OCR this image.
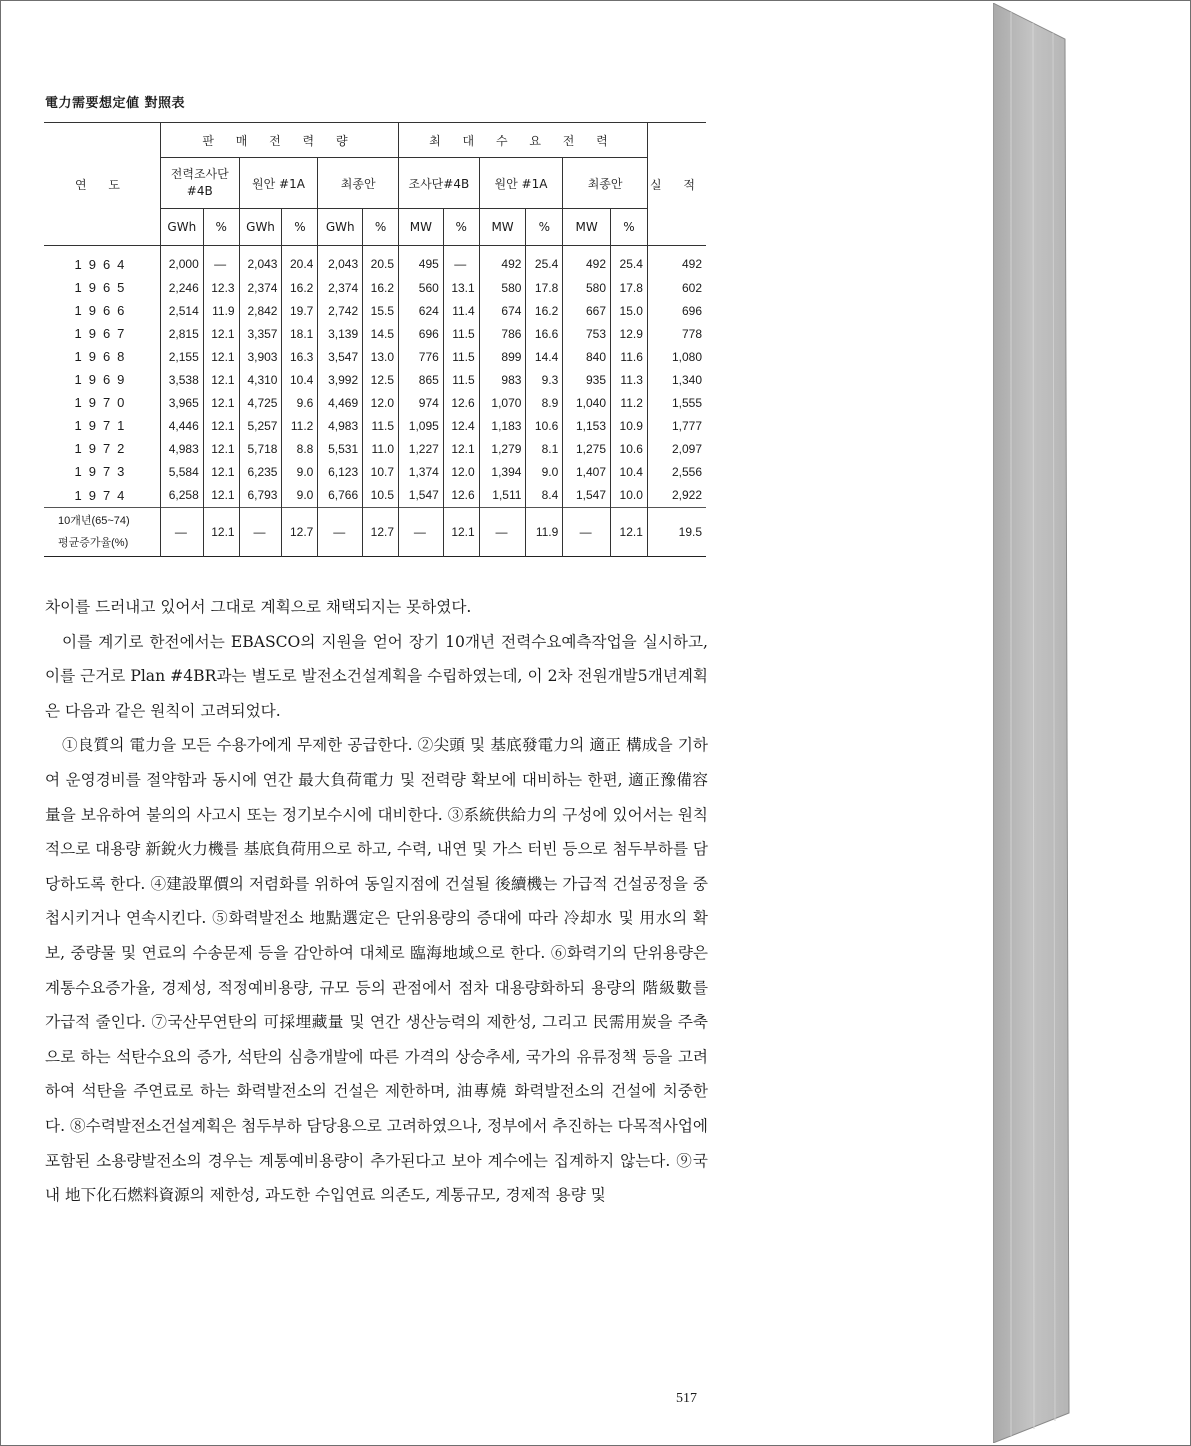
電力需要想定値 對照表
연 도	판 매 전 력 량						최 대 수 요 전 력						실 적
	전력조사단 #4B		원안 #1A		최종안		조사단#4B		원안 #1A		최종안		
	GWh	%	GWh	%	GWh	%	MW	%	MW	%	MW	%	
1964	2,000	—	2,043	20.4	2,043	20.5	495	—	492	25.4	492	25.4	492
1965	2,246	12.3	2,374	16.2	2,374	16.2	560	13.1	580	17.8	580	17.8	602
1966	2,514	11.9	2,842	19.7	2,742	15.5	624	11.4	674	16.2	667	15.0	696
1967	2,815	12.1	3,357	18.1	3,139	14.5	696	11.5	786	16.6	753	12.9	778
1968	2,155	12.1	3,903	16.3	3,547	13.0	776	11.5	899	14.4	840	11.6	1,080
1969	3,538	12.1	4,310	10.4	3,992	12.5	865	11.5	983	9.3	935	11.3	1,340
1970	3,965	12.1	4,725	9.6	4,469	12.0	974	12.6	1,070	8.9	1,040	11.2	1,555
1971	4,446	12.1	5,257	11.2	4,983	11.5	1,095	12.4	1,183	10.6	1,153	10.9	1,777
1972	4,983	12.1	5,718	8.8	5,531	11.0	1,227	12.1	1,279	8.1	1,275	10.6	2,097
1973	5,584	12.1	6,235	9.0	6,123	10.7	1,374	12.0	1,394	9.0	1,407	10.4	2,556
1974	6,258	12.1	6,793	9.0	6,766	10.5	1,547	12.6	1,511	8.4	1,547	10.0	2,922

10개년(65~74)
평균증가율(%)	—	12.1	—	12.7	—	12.7	—	12.1	—	11.9	—	12.1	19.5

차이를 드러내고 있어서 그대로 계획으로 채택되지는 못하였다.

이를 계기로 한전에서는 EBASCO의 지원을 얻어 장기 10개년 전력수요예측작업을 실시하고, 이를 근거로 Plan #4BR과는 별도로 발전소건설계획을 수립하였는데, 이 2차 전원개발5개년계획은 다음과 같은 원칙이 고려되었다.

①良質의 電力을 모든 수용가에게 무제한 공급한다. ②尖頭 및 基底發電力의 適正 構成을 기하여 운영경비를 절약함과 동시에 연간 最大負荷電力 및 전력량 확보에 대비하는 한편, 適正豫備容量을 보유하여 불의의 사고시 또는 정기보수시에 대비한다. ③系統供給力의 구성에 있어서는 원칙적으로 대용량 新銳火力機를 基底負荷用으로 하고, 수력, 내연 및 가스 터빈 등으로 첨두부하를 담당하도록 한다. ④建設單價의 저렴화를 위하여 동일지점에 건설될 後續機는 가급적 건설공정을 중첩시키거나 연속시킨다. ⑤화력발전소 地點選定은 단위용량의 증대에 따라 冷却水 및 用水의 확보, 중량물 및 연료의 수송문제 등을 감안하여 대체로 臨海地域으로 한다. ⑥화력기의 단위용량은 계통수요증가율, 경제성, 적정예비용량, 규모 등의 관점에서 점차 대용량화하되 용량의 階級數를 가급적 줄인다. ⑦국산무연탄의 可採埋藏量 및 연간 생산능력의 제한성, 그리고 民需用炭을 주축으로 하는 석탄수요의 증가, 석탄의 심층개발에 따른 가격의 상승추세, 국가의 유류정책 등을 고려하여 석탄을 주연료로 하는 화력발전소의 건설은 제한하며, 油專燒 화력발전소의 건설에 치중한다. ⑧수력발전소건설계획은 첨두부하 담당용으로 고려하였으나, 정부에서 추진하는 다목적사업에 포함된 소용량발전소의 경우는 계통예비용량이 추가된다고 보아 계수에는 집계하지 않는다. ⑨국내 地下化石燃料資源의 제한성, 과도한 수입연료 의존도, 계통규모, 경제적 용량 및

517
